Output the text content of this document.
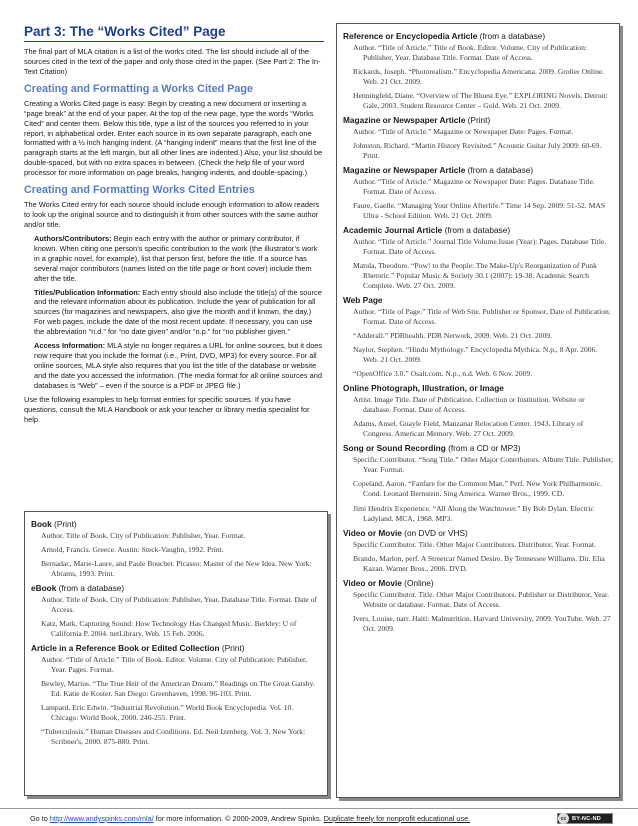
Part 3: The “Works Cited” Page

The final part of MLA citation is a list of the works cited. The list should include all of the sources cited in the text of the paper and only those cited in the paper. (See Part 2: The In-Text Citation)

Creating and Formatting a Works Cited Page

Creating a Works Cited page is easy: Begin by creating a new document or inserting a “page break” at the end of your paper. At the top of the new page, type the words “Works Cited” and center them. Below this title, type a list of the sources you referred to in your report, in alphabetical order. Enter each source in its own separate paragraph, each one formatted with a ½ inch hanging indent. (A “hanging indent” means that the first line of the paragraph starts at the left margin, but all other lines are indented.) Also, your list should be double-spaced, but with no extra spaces in between. (Check the help file of your word processor for more information on page breaks, hanging indents, and double-spacing.)

Creating and Formatting Works Cited Entries

The Works Cited entry for each source should include enough information to allow readers to look up the original source and to distinguish it from other sources with the same author and/or title.

Authors/Contributors: Begin each entry with the author or primary contributor, if known. When citing one person’s specific contribution to the work (the illustrator’s work in a graphic novel, for example), list that person first, before the title. If a source has several major contributors (names listed on the title page or front cover) include them after the title.

Titles/Publication Information: Each entry should also include the title(s) of the source and the relevant information about its publication. Include the year of publication for all sources (for magazines and newspapers, also give the month and if known, the day.) For web pages, include the date of the most recent update. If necessary, you can use the abbreviation “n.d.” for “no date given” and/or “n.p.” for “no publisher given.”

Access Information: MLA style no longer requires a URL for online sources, but it does now require that you include the format (i.e., Print, DVD, MP3) for every source. For all online sources, MLA style also requires that you list the title of the database or website and the date you accessed the information. (The media format for all online sources and databases is “Web” – even if the source is a PDF or JPEG file.)

Use the following examples to help format entries for specific sources. If you have questions, consult the MLA Handbook or ask your teacher or library media specialist for help.

Book (Print)
Author. Title of Book. City of Publication: Publisher, Year. Format.
Arnold, Francis. Greece. Austin: Steck-Vaughn, 1992. Print.
Bernadac, Marie-Laure, and Paule Bouchet. Picasso: Master of the New Idea. New York: Abrams, 1993. Print.
eBook (from a database)
Author. Title of Book. City of Publication: Publisher, Year. Database Title. Format. Date of Access.
Katz, Mark. Capturing Sound: How Technology Has Changed Music. Berkley: U of California P, 2004. netLibrary. Web. 15 Feb. 2006.
Article in a Reference Book or Edited Collection (Print)
Author. “Title of Article.” Title of Book. Editor. Volume. City of Publication: Publisher, Year. Pages. Format.
Bewley, Marius. “The True Heir of the American Dream.” Readings on The Great Gatsby. Ed. Katie de Koster. San Diego: Greenhaven, 1998. 96-103. Print.
Lampard, Eric Edwin. “Industrial Revolution.” World Book Encyclopedia. Vol. 10. Chicago: World Book, 2000. 246-255. Print.
“Tuberculosis.” Human Diseases and Conditions. Ed. Neil Izenberg. Vol. 3. New York: Scribner's, 2000. 875-880. Print.
Reference or Encyclopedia Article (from a database)
Author. “Title of Article.” Title of Book. Editor. Volume. City of Publication: Publisher, Year. Database Title. Format. Date of Access.
Rickards, Joseph. “Photorealism.” Encyclopedia Americana. 2009. Grolier Online. Web. 21 Oct. 2009.
Henningfeld, Diane. “Overview of The Bluest Eye.” EXPLORING Novels. Detroit: Gale, 2003. Student Resource Center – Gold. Web. 21 Oct. 2009.
Magazine or Newspaper Article (Print)
Author. “Title of Article.” Magazine or Newspaper Date: Pages. Format.
Johnston, Richard. “Martin History Revisited.” Acoustic Guitar July 2009: 60-69. Print.
Magazine or Newspaper Article (from a database)
Author. “Title of Article.” Magazine or Newspaper Date: Pages. Database Title. Format. Date of Access.
Faure, Gaelle. “Managing Your Online Afterlife.” Time 14 Sep. 2009: 51-52. MAS Ultra - School Edition. Web. 21 Oct. 2009.
Academic Journal Article (from a database)
Author. “Title of Article.” Journal Title Volume.Issue (Year): Pages. Database Title. Format. Date of Access.
Matula, Theodore. “Pow! to the People: The Make-Up's Reorganization of Punk Rhetoric.” Popular Music & Society 30.1 (2007): 19-38. Academic Search Complete. Web. 27 Oct. 2009.
Web Page
Author. “Title of Page.” Title of Web Site. Publisher or Sponsor, Date of Publication. Format. Date of Access.
“Adderall.” PDRhealth. PDR Network, 2009. Web. 21 Oct. 2009.
Naylor, Stephen. “Hindu Mythology.” Encyclopedia Mythica. N.p., 8 Apr. 2006. Web. 21 Oct. 2009.
“OpenOffice 3.0.” Osalt.com. N.p., n.d. Web. 6 Nov. 2009.
Online Photograph, Illustration, or Image
Artist. Image Title. Date of Publication. Collection or Institution. Website or database. Format. Date of Access.
Adams, Ansel. Guayle Field, Manzanar Relocation Center. 1943. Library of Congress. American Memory. Web. 27 Oct. 2009.
Song or Sound Recording (from a CD or MP3)
Specific Contributor. “Song Title.” Other Major Contributors. Album Title. Publisher, Year. Format.
Copeland, Aaron. “Fanfare for the Common Man.” Perf. New York Philharmonic. Cond. Leonard Bernstein. Sing America. Warner Bros., 1999. CD.
Jimi Hendrix Experience. “All Along the Watchtower.” By Bob Dylan. Electric Ladyland. MCA, 1968. MP3.
Video or Movie (on DVD or VHS)
Specific Contributor. Title. Other Major Contributors. Distributor, Year. Format.
Brando, Marlon, perf. A Streetcar Named Desire. By Tennessee Williams. Dir. Elia Kazan. Warner Bros., 2006. DVD.
Video or Movie (Online)
Specific Contributor. Title. Other Major Contributors. Publisher or Distributor, Year. Website or database. Format. Date of Access.
Ivers, Louise, narr. Haiti: Malnutrition. Harvard University, 2009. YouTube. Web. 27 Oct. 2009.
Go to http://www.andyspinks.com/mla/ for more information. © 2000-2009, Andrew Spinks. Duplicate freely for nonprofit educational use.	cc	BY-NC-ND
